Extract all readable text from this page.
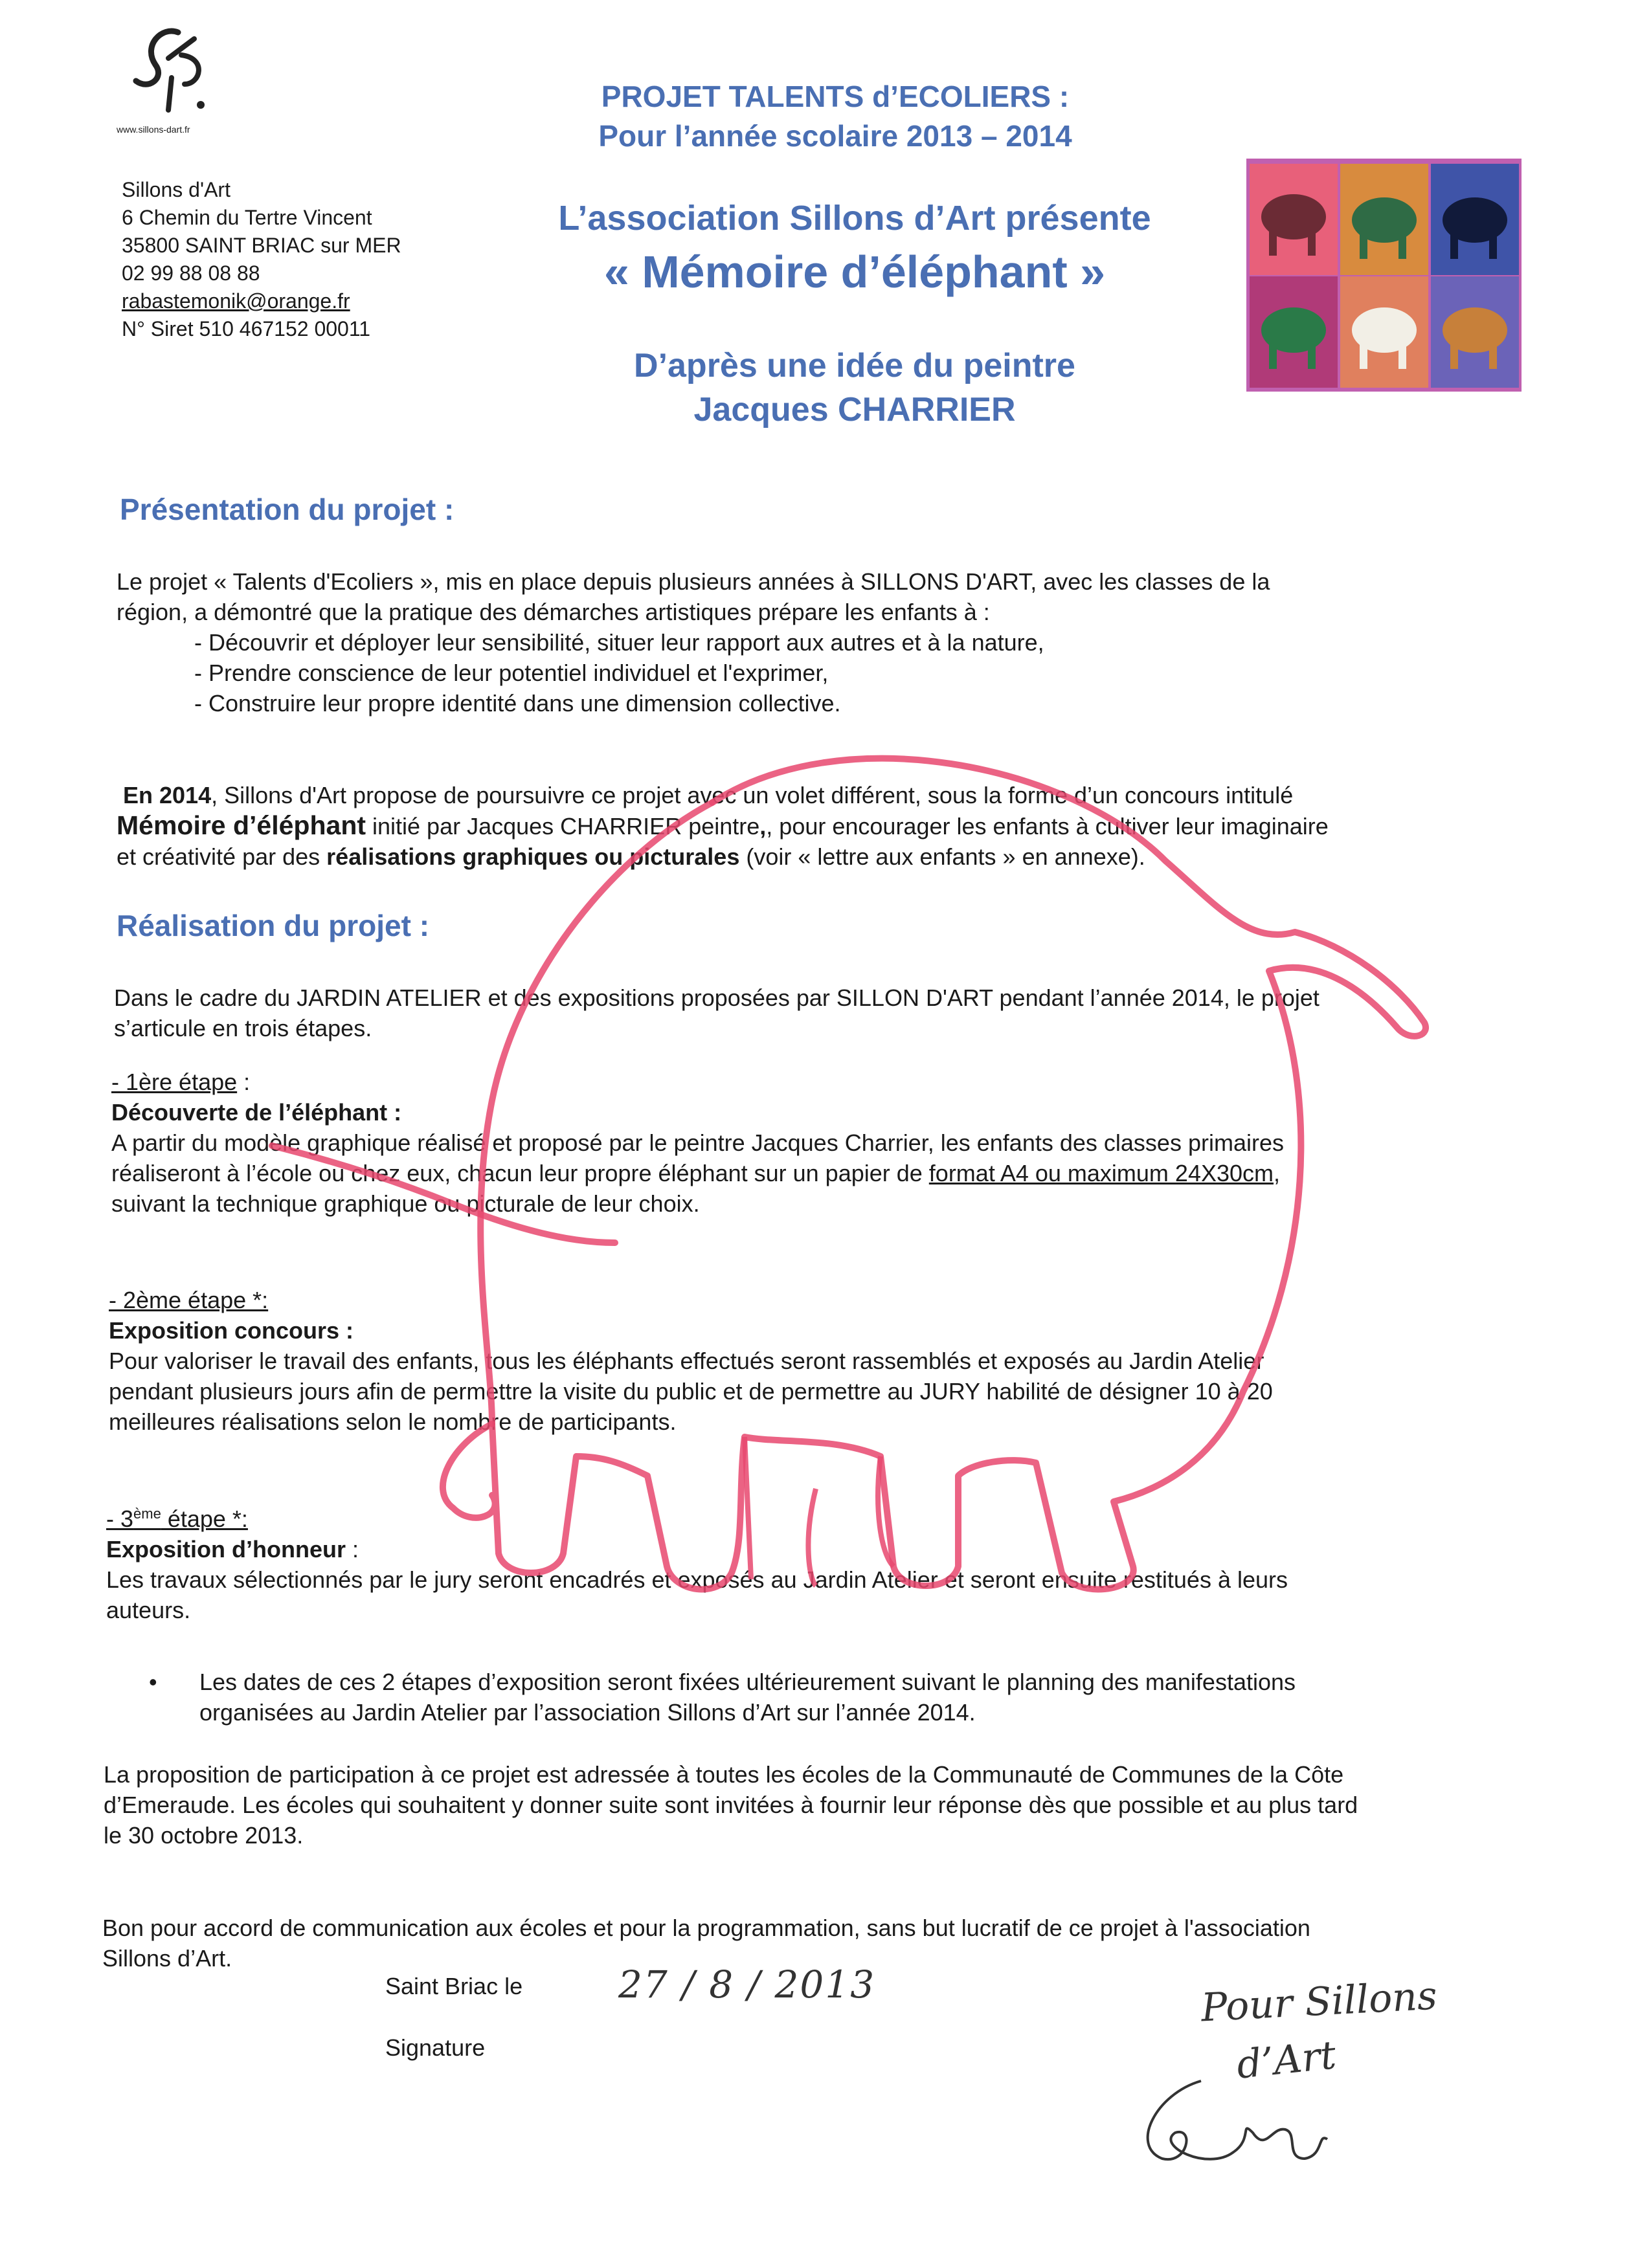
www.sillons-dart.fr
PROJET TALENTS d’ECOLIERS :
Pour l’année scolaire 2013 – 2014
L’association Sillons d’Art présente
« Mémoire d’éléphant »
D’après une idée du peintre
Jacques CHARRIER
Sillons d'Art
6 Chemin du Tertre Vincent
35800 SAINT BRIAC sur MER
02 99 88 08 88
rabastemonik@orange.fr
N° Siret 510 467152 00011
Présentation du projet :
Le projet « Talents d'Ecoliers », mis en place depuis plusieurs années à SILLONS D'ART, avec les classes de la
région, a démontré que la pratique des démarches artistiques prépare les enfants à :
- Découvrir et déployer leur sensibilité, situer leur rapport aux autres et à la nature,
- Prendre conscience de leur potentiel individuel et l'exprimer,
- Construire leur propre identité dans une dimension collective.
En 2014, Sillons d'Art propose de poursuivre ce projet avec un volet différent, sous la forme d’un concours intitulé
Mémoire d’éléphant initié par Jacques CHARRIER peintre,, pour encourager les enfants à cultiver leur imaginaire
et créativité par des réalisations graphiques ou picturales (voir « lettre aux enfants » en annexe).
Réalisation du projet :
Dans le cadre du JARDIN ATELIER et des expositions proposées par SILLON D'ART pendant l’année 2014, le projet
s’articule en trois étapes.
- 1ère étape :
Découverte de l’éléphant :
A partir du modèle graphique réalisé et proposé par le peintre Jacques Charrier, les enfants des classes primaires
réaliseront à l’école ou chez eux, chacun leur propre éléphant sur un papier de format A4 ou maximum 24X30cm,
suivant la technique graphique ou picturale de leur choix.
- 2ème étape *:
Exposition concours :
Pour valoriser le travail des enfants, tous les éléphants effectués seront rassemblés et exposés au Jardin Atelier
pendant plusieurs jours afin de permettre la visite du public et de permettre au JURY habilité de désigner 10 à 20
meilleures réalisations selon le nombre de participants.
- 3ème étape *:
Exposition d’honneur :
Les travaux sélectionnés par le jury seront encadrés et exposés au Jardin Atelier et seront ensuite restitués à leurs
auteurs.
•	Les dates de ces 2 étapes d’exposition seront fixées ultérieurement suivant le planning des manifestations
organisées au Jardin Atelier par l’association Sillons d’Art sur l’année 2014.
La proposition de participation à ce projet est adressée à toutes les écoles de la Communauté de Communes de la Côte
d’Emeraude. Les écoles qui souhaitent y donner suite sont invitées à fournir leur réponse dès que possible et au plus tard
le 30 octobre 2013.
Bon pour accord de communication aux écoles et pour la programmation, sans but lucratif de ce projet à l'association
Sillons d’Art.
Saint Briac le	27 / 8 / 2013
Signature
Pour Sillons
d’Art
